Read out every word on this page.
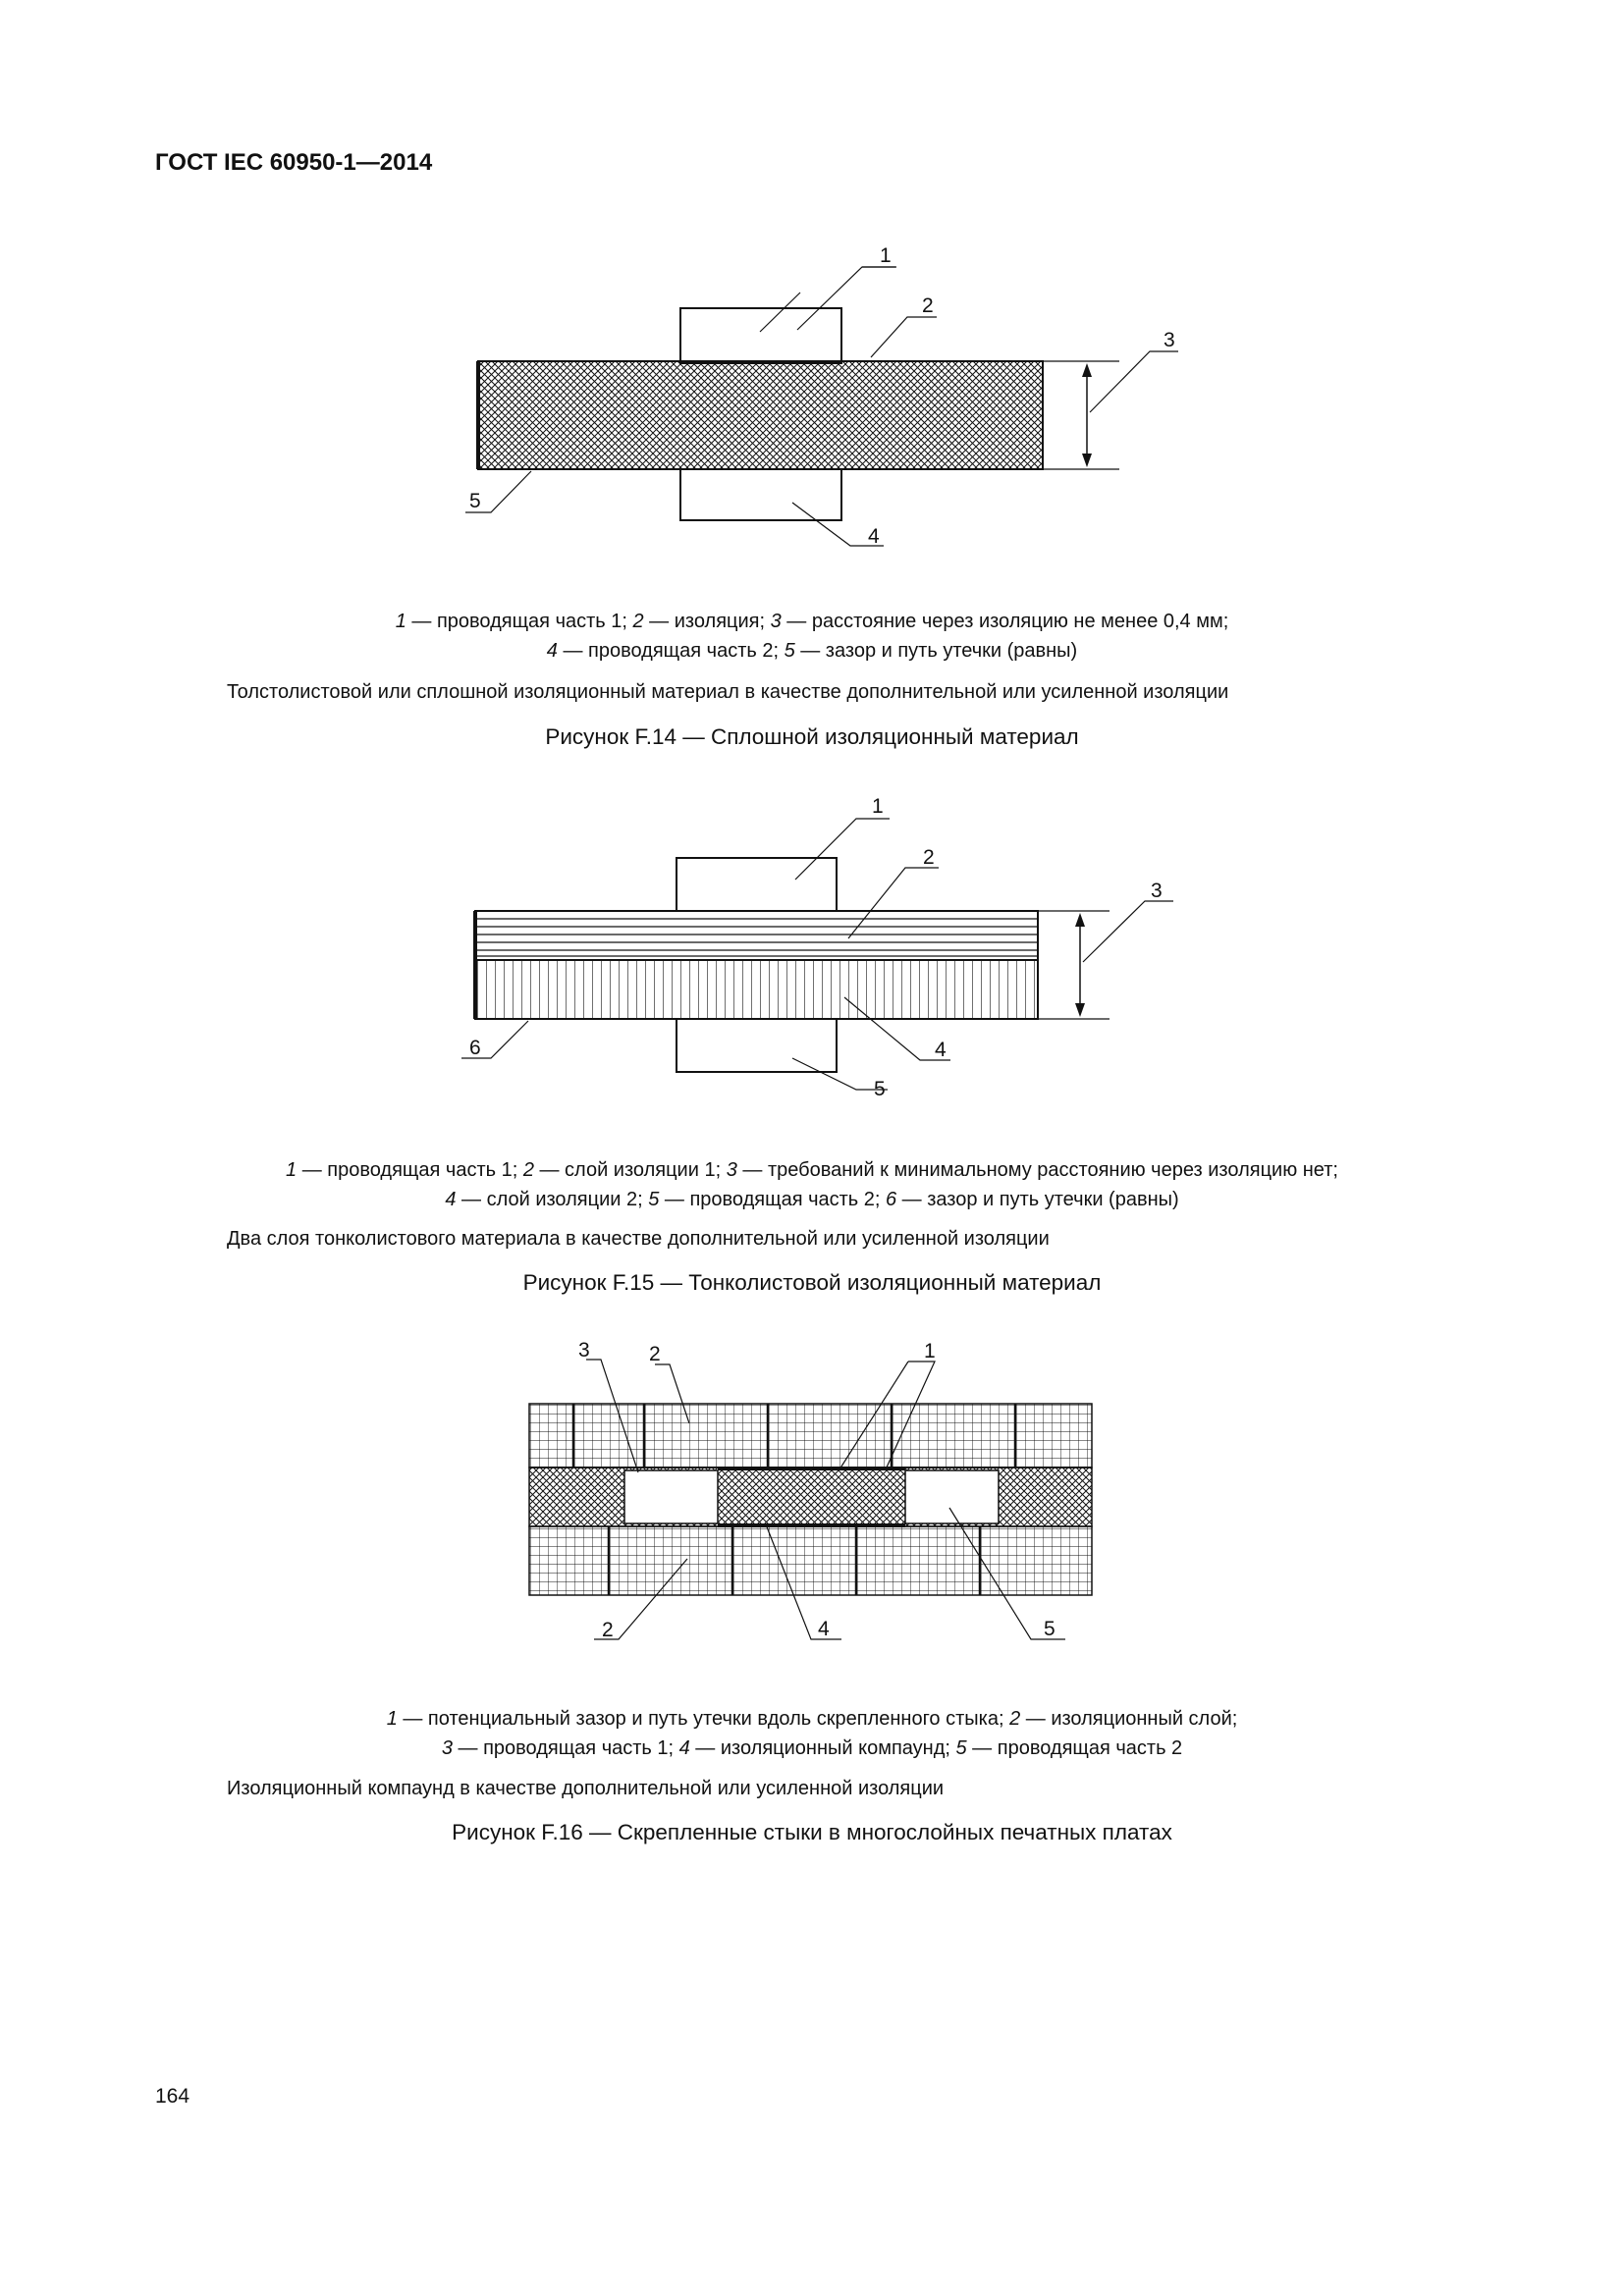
ГОСТ IEC 60950-1—2014
1
2
3
4
5
1 — проводящая часть 1; 2 — изоляция; 3 — расстояние через изоляцию не менее 0,4 мм;
4 — проводящая часть 2; 5 — зазор и путь утечки (равны)
Толстолистовой или сплошной изоляционный материал в качестве дополнительной или усиленной изоляции
Рисунок F.14 — Сплошной изоляционный материал
1
2
3
4
5
6
1 — проводящая часть 1; 2 — слой изоляции 1; 3 — требований к минимальному расстоянию через изоляцию нет;
4 — слой изоляции 2; 5 — проводящая часть 2; 6 — зазор и путь утечки (равны)
Два слоя тонколистового материала в качестве дополнительной или усиленной изоляции
Рисунок F.15 — Тонколистовой изоляционный материал
3	2	1
2	4	5
1 — потенциальный зазор и путь утечки вдоль скрепленного стыка; 2 — изоляционный слой;
3 — проводящая часть 1; 4 — изоляционный компаунд; 5 — проводящая часть 2
Изоляционный компаунд в качестве дополнительной или усиленной изоляции
Рисунок F.16 — Скрепленные стыки в многослойных печатных платах
164
